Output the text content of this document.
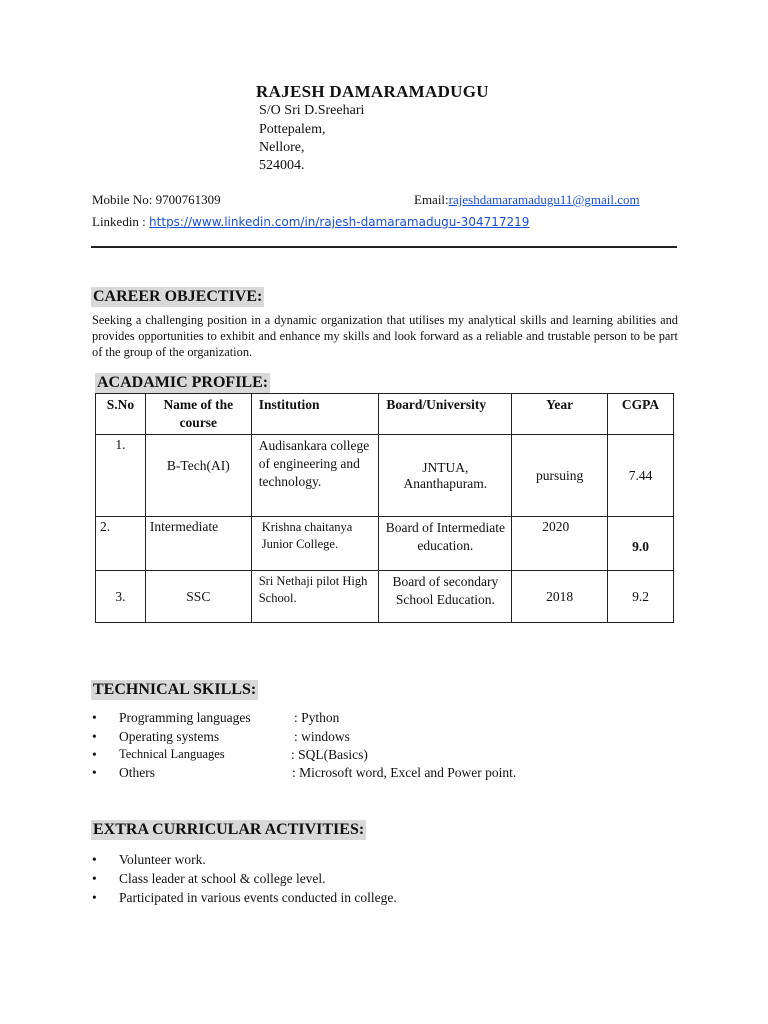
RAJESH DAMARAMADUGU
S/O Sri D.Sreehari
Pottepalem,
Nellore,
524004.
Mobile No: 9700761309	Email:rajeshdamaramadugu11@gmail.com
Linkedin : https://www.linkedin.com/in/rajesh-damaramadugu-304717219
CAREER OBJECTIVE:
Seeking a challenging position in a dynamic organization that utilises my analytical skills and learning abilities and provides opportunities to exhibit and enhance my skills and look forward as a reliable and trustable person to be part of the group of the organization.
ACADAMIC PROFILE:
S.No	Name of the course	Institution	Board/University	Year	CGPA
1.	B-Tech(AI)	Audisankara college of engineering and technology.	JNTUA, Ananthapuram.	pursuing	7.44
2.	Intermediate	Krishna chaitanya Junior College.	Board of Intermediate education.	2020	9.0
3.	SSC	Sri Nethaji pilot High School.	Board of secondary School Education.	2018	9.2
TECHNICAL SKILLS:
• Programming languages	: Python
• Operating systems	: windows
• Technical Languages	: SQL(Basics)
• Others	: Microsoft word, Excel and Power point.
EXTRA CURRICULAR ACTIVITIES:
• Volunteer work.
• Class leader at school & college level.
• Participated in various events conducted in college.
